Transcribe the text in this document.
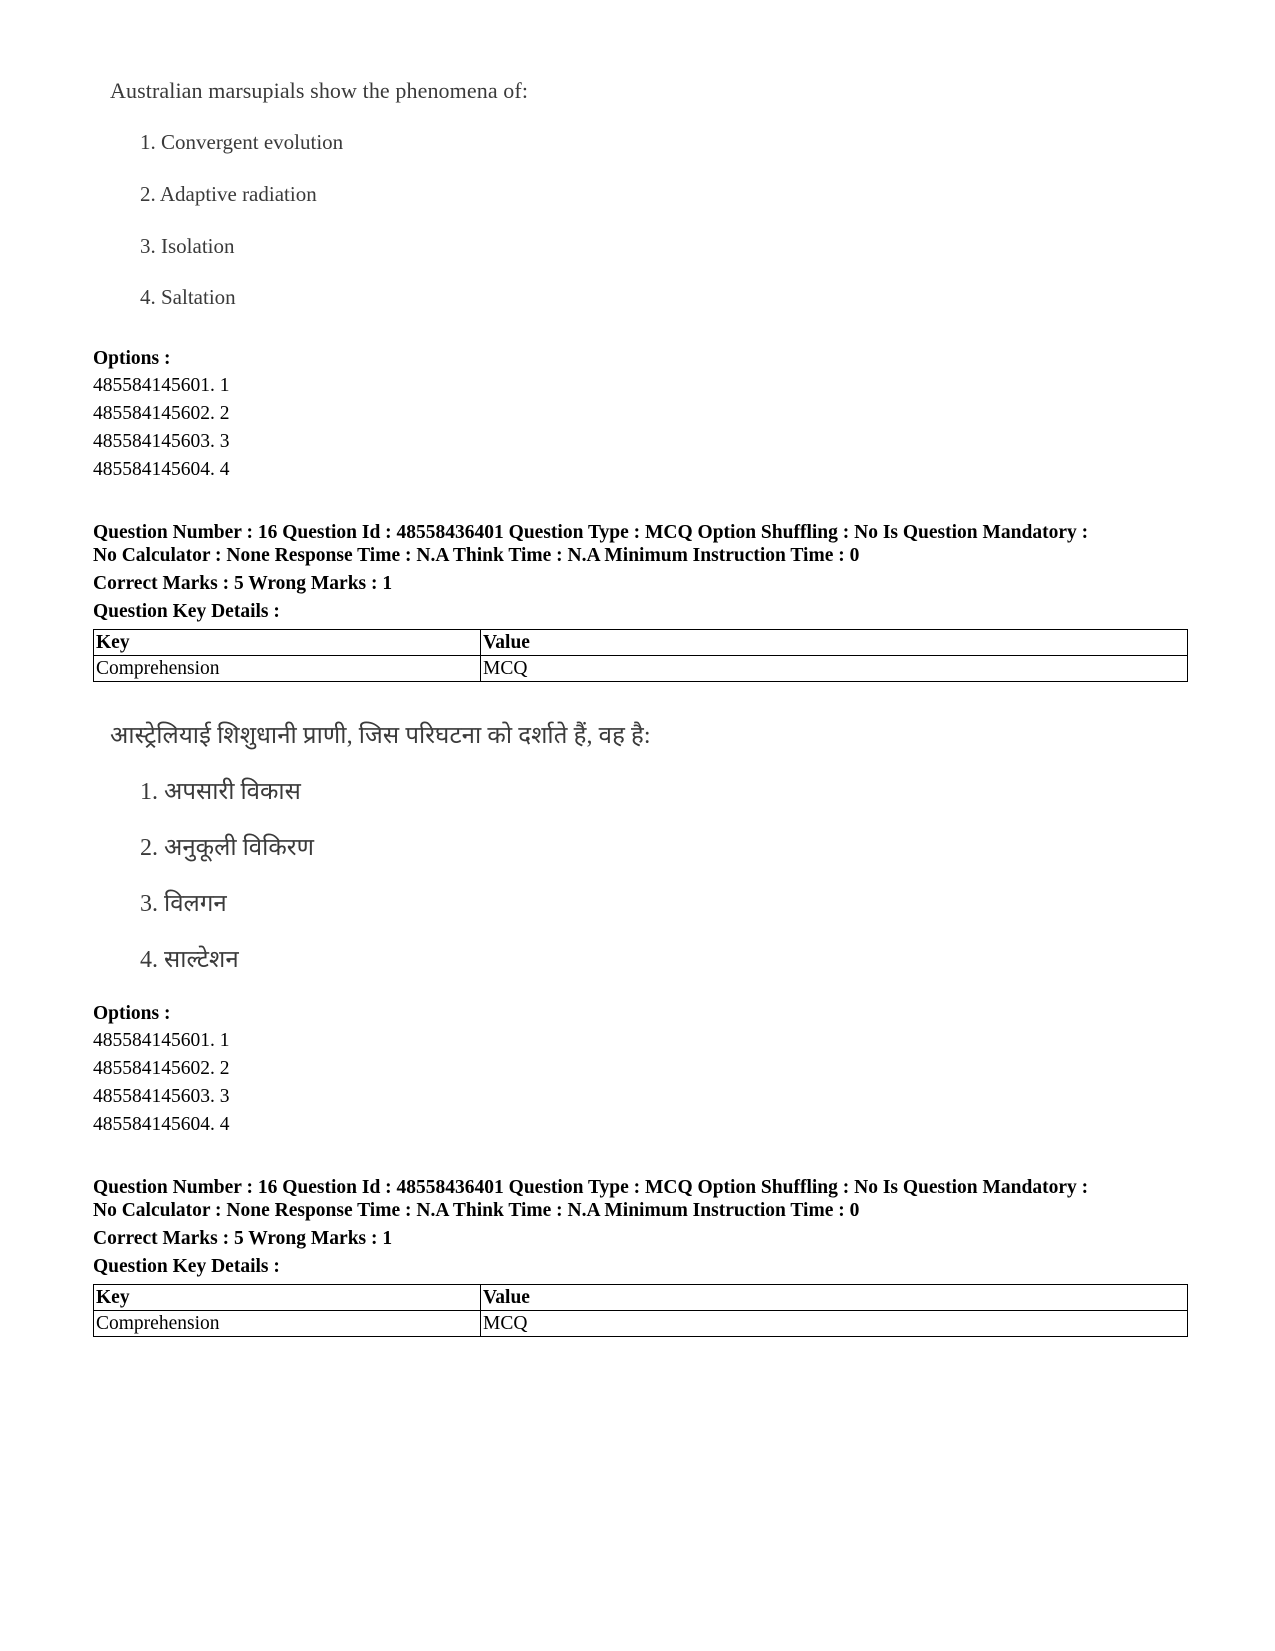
Australian marsupials show the phenomena of:
1. Convergent evolution
2. Adaptive radiation
3. Isolation
4. Saltation
Options :
485584145601. 1
485584145602. 2
485584145603. 3
485584145604. 4
Question Number : 16 Question Id : 48558436401 Question Type : MCQ Option Shuffling : No Is Question Mandatory :
No Calculator : None Response Time : N.A Think Time : N.A Minimum Instruction Time : 0
Correct Marks : 5 Wrong Marks : 1
Question Key Details :
Key	Value
Comprehension	MCQ
आस्ट्रेलियाई शिशुधानी प्राणी, जिस परिघटना को दर्शाते हैं, वह है:
1. अपसारी विकास
2. अनुकूली विकिरण
3. विलगन
4. साल्टेशन
Options :
485584145601. 1
485584145602. 2
485584145603. 3
485584145604. 4
Question Number : 16 Question Id : 48558436401 Question Type : MCQ Option Shuffling : No Is Question Mandatory :
No Calculator : None Response Time : N.A Think Time : N.A Minimum Instruction Time : 0
Correct Marks : 5 Wrong Marks : 1
Question Key Details :
Key	Value
Comprehension	MCQ
